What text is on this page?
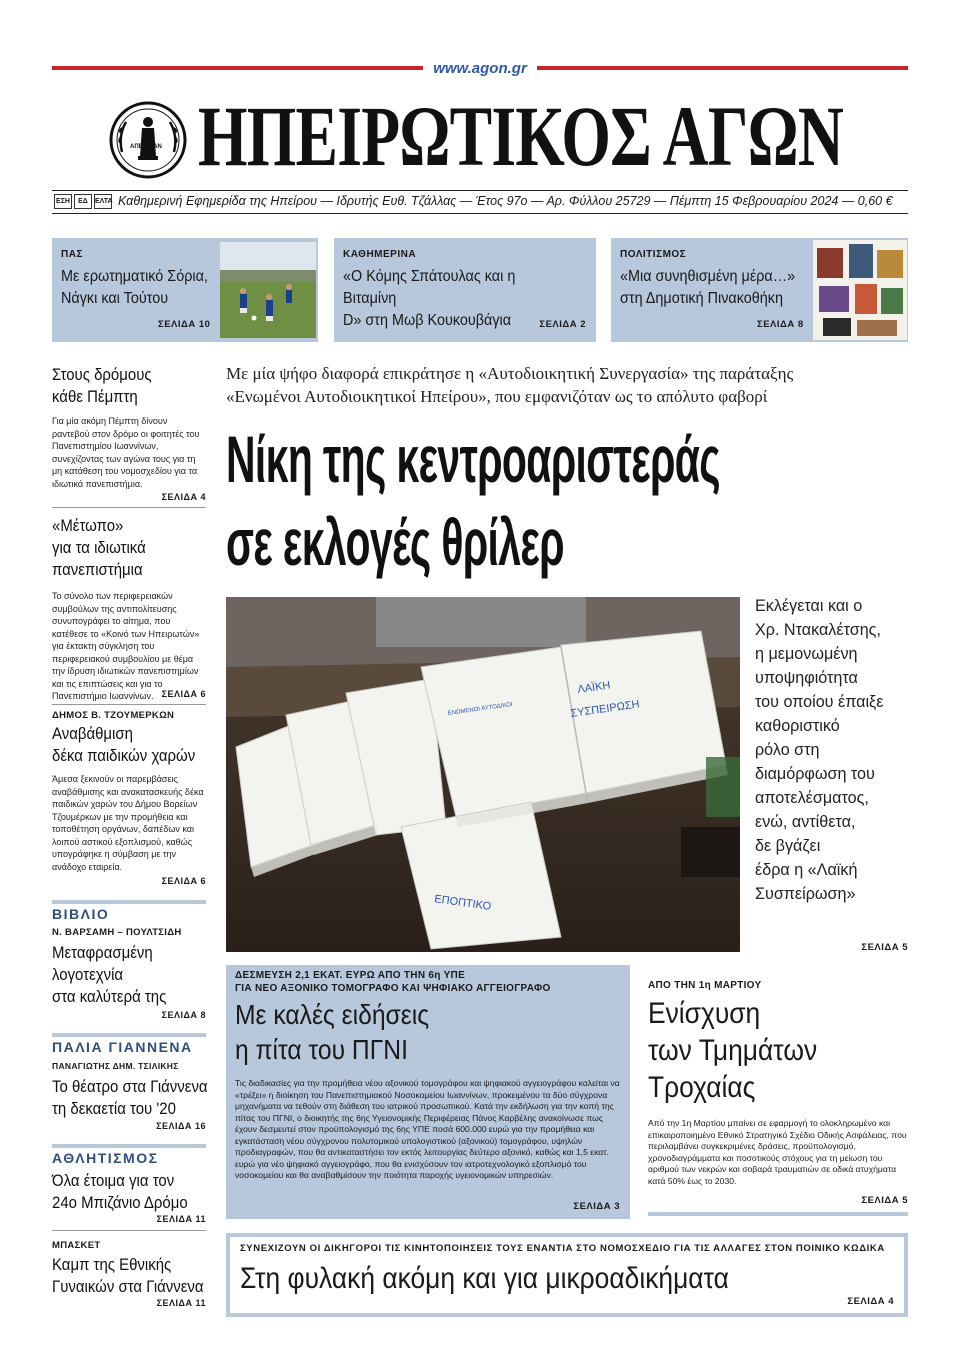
www.agon.gr
ΑΠΕ ΡΙΤΑΝ ΗΠΕΙΡΩΤΙΚΟΣ ΑΓΩΝ
ΕΣΗ	ΕΔ	ΕΛΤΑ Καθημερινή Εφημερίδα της Ηπείρου — Ιδρυτής Ευθ. Τζάλλας — Έτος 97ο — Αρ. Φύλλου 25729 — Πέμπτη 15 Φεβρουαρίου 2024 — 0,60 €
ΠΑΣ
Με ερωτηματικό Σόρια,
Νάγκι και Τούτου
ΣΕΛΙΔΑ 10
ΚΑΘΗΜΕΡΙΝΑ
«Ο Κόμης Σπάτουλας και η Βιταμίνη
D» στη Μωβ Κουκουβάγια	ΣΕΛΙΔΑ 2
ΠΟΛΙΤΙΣΜΟΣ
«Μια συνηθισμένη μέρα…»
στη Δημοτική Πινακοθήκη
ΣΕΛΙΔΑ 8
Στους δρόμους
κάθε Πέμπτη
Για μία ακόμη Πέμπτη δίνουν ραντεβού στον δρόμο οι φοιτητές του Πανεπιστημίου Ιωαννίνων, συνεχίζοντας των αγώνα τους για τη μη κατάθεση του νομοσχεδίου για τα ιδιωτικά πανεπιστήμια.
ΣΕΛΙΔΑ 4
«Μέτωπο»
για τα ιδιωτικά
πανεπιστήμια
Το σύνολο των περιφερειακών συμβούλων της αντιπολίτευσης συνυπογράφει το αίτημα, που κατέθεσε το «Κοινό των Ηπειρωτών» για έκτακτη σύγκληση του περιφερειακού συμβουλίου με θέμα την ίδρυση ιδιωτικών πανεπιστημίων και τις επιπτώσεις και για το Πανεπιστήμιο Ιωαννίνων. ΣΕΛΙΔΑ 6
ΔΗΜΟΣ Β. ΤΖΟΥΜΕΡΚΩΝ
Αναβάθμιση
δέκα παιδικών χαρών
Άμεσα ξεκινούν οι παρεμβάσεις αναβάθμισης και ανακατασκευής δέκα παιδικών χαρών του Δήμου Βορείων Τζουμέρκων με την προμήθεια και τοποθέτηση οργάνων, δαπέδων και λοιπού αστικού εξοπλισμού, καθώς υπογράφηκε η σύμβαση με την ανάδοχο εταιρεία.
ΣΕΛΙΔΑ 6
ΒΙΒΛΙΟ
Ν. ΒΑΡΣΑΜΗ – ΠΟΥΛΤΣΙΔΗ
Μεταφρασμένη
λογοτεχνία
στα καλύτερά της
ΣΕΛΙΔΑ 8
ΠΑΛΙΑ ΓΙΑΝΝΕΝΑ
ΠΑΝΑΓΙΩΤΗΣ ΔΗΜ. ΤΣΙΛΙΚΗΣ
Το θέατρο στα Γιάννενα
τη δεκαετία του '20
ΣΕΛΙΔΑ 16
ΑΘΛΗΤΙΣΜΟΣ
Όλα έτοιμα για τον
24ο Μπιζάνιο Δρόμο
ΣΕΛΙΔΑ 11
ΜΠΑΣΚΕΤ
Καμπ της Εθνικής
Γυναικών στα Γιάννενα
ΣΕΛΙΔΑ 11
Με μία ψήφο διαφορά επικράτησε η «Αυτοδιοικητική Συνεργασία» της παράταξης
«Ενωμένοι Αυτοδιοικητικοί Ηπείρου», που εμφανιζόταν ως το απόλυτο φαβορί
Νίκη της κεντροαριστεράς
σε εκλογές θρίλερ
ΛΑΪΚΗ
ΣΥΣΠΕΙΡΩΣΗ
ΕΠΟΠΤΙΚΟ
ΕΝΩΜΕΝΟΙ ΑΥΤΟΔ/ΚΟΙ
Εκλέγεται και ο
Χρ. Ντακαλέτσης,
η μεμονωμένη
υποψηφιότητα
του οποίου έπαιξε
καθοριστικό
ρόλο στη
διαμόρφωση του
αποτελέσματος,
ενώ, αντίθετα,
δε βγάζει
έδρα η «Λαϊκή
Συσπείρωση»
ΣΕΛΙΔΑ 5
ΔΕΣΜΕΥΣΗ 2,1 ΕΚΑΤ. ΕΥΡΩ ΑΠΟ ΤΗΝ 6η ΥΠΕ
ΓΙΑ ΝΕΟ ΑΞΟΝΙΚΟ ΤΟΜΟΓΡΑΦΟ ΚΑΙ ΨΗΦΙΑΚΟ ΑΓΓΕΙΟΓΡΑΦΟ
Με καλές ειδήσεις
η πίτα του ΠΓΝΙ
Τις διαδικασίες για την προμήθεια νέου αξονικού τομογράφου και ψηφιακού αγγειογράφου καλείται να «τρέξει» η διοίκηση του Πανεπιστημιακού Νοσοκομείου Ιωαννίνων, προκειμένου τα δύο σύγχρονα μηχανήματα να τεθούν στη διάθεση του ιατρικού προσωπικού. Κατά την εκδήλωση για την κοπή της πίτας του ΠΓΝΙ, ο διοικητής της 6ης Υγειονομικής Περιφέρειας Πάνος Καρβέλης ανακοίνωσε πως έχουν δεσμευτεί στον προϋπολογισμό της 6ης ΥΠΕ ποσά 600.000 ευρώ για την προμήθεια και εγκατάσταση νέου σύγχρονου πολυτομικού υπολογιστικού (αξονικού) τομογράφου, υψηλών προδιαγραφών, που θα αντικαταστήσει τον εκτός λειτουργίας δεύτερο αξονικό, καθώς και 1,5 εκατ. ευρώ για νέο ψηφιακό αγγειογράφο, που θα ενισχύσουν τον ιατροτεχνολογικό εξοπλισμό του νοσοκομείου και θα αναβαθμίσουν την ποιότητα παροχής υγειονομικών υπηρεσιών.
ΣΕΛΙΔΑ 3
ΑΠΟ ΤΗΝ 1η ΜΑΡΤΙΟΥ
Ενίσχυση
των Τμημάτων
Τροχαίας
Από την 1η Μαρτίου μπαίνει σε εφαρμογή το ολοκληρωμένο και επικαιροποιημένο Εθνικό Στρατηγικό Σχέδιο Οδικής Ασφάλειας, που περιλαμβάνει συγκεκριμένες δράσεις, προϋπολογισμό, χρονοδιαγράμματα και ποσοτικούς στόχους για τη μείωση του αριθμού των νεκρών και σοβαρά τραυματιών σε οδικά ατυχήματα κατά 50% έως το 2030.
ΣΕΛΙΔΑ 5
ΣΥΝΕΧΙΖΟΥΝ ΟΙ ΔΙΚΗΓΟΡΟΙ ΤΙΣ ΚΙΝΗΤΟΠΟΙΗΣΕΙΣ ΤΟΥΣ ΕΝΑΝΤΙΑ ΣΤΟ ΝΟΜΟΣΧΕΔΙΟ ΓΙΑ ΤΙΣ ΑΛΛΑΓΕΣ ΣΤΟΝ ΠΟΙΝΙΚΟ ΚΩΔΙΚΑ
Στη φυλακή ακόμη και για μικροαδικήματα
ΣΕΛΙΔΑ 4
